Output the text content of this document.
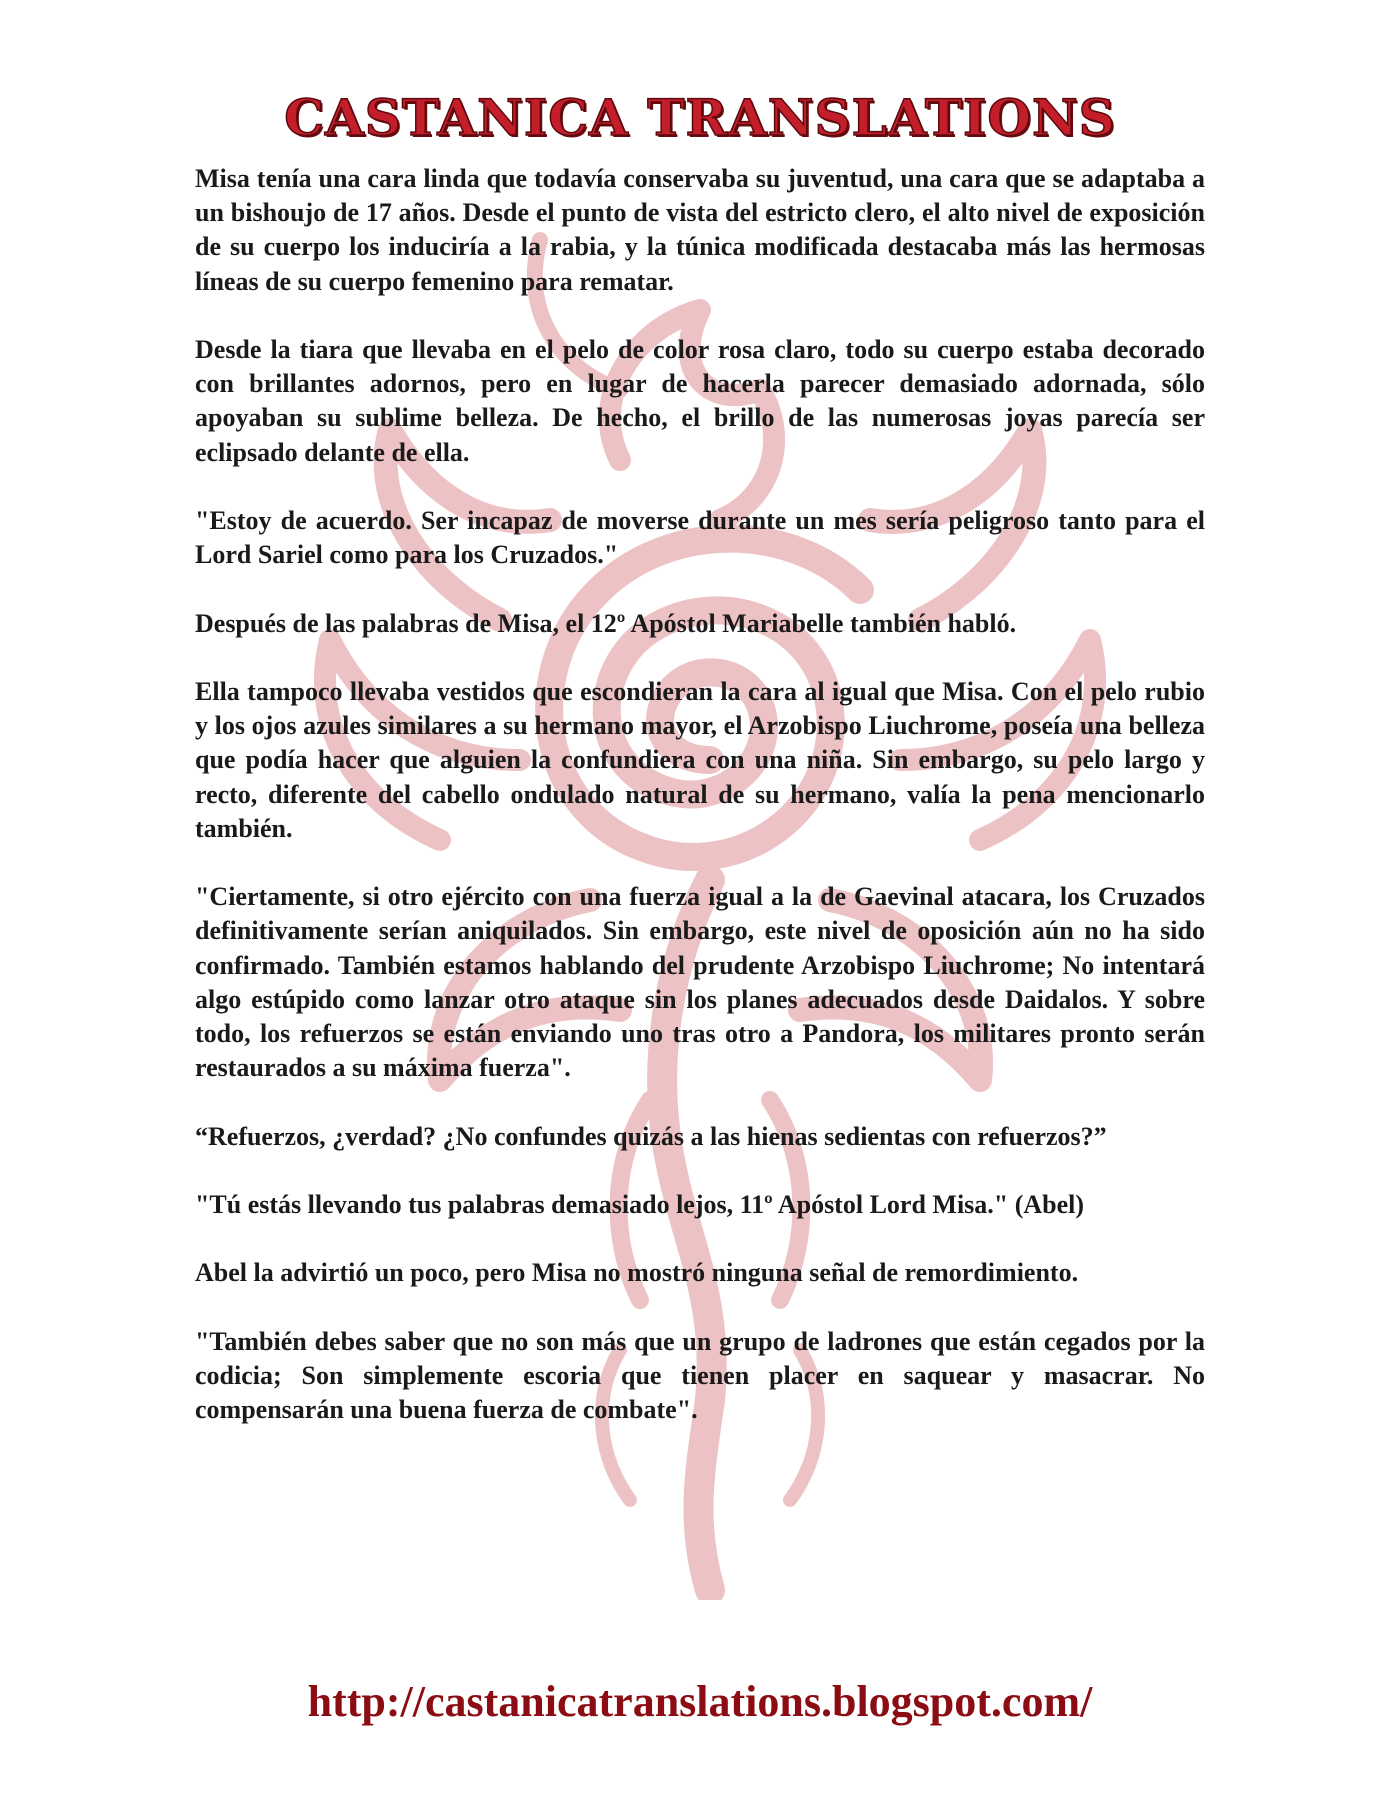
CASTANICA TRANSLATIONS

Misa tenía una cara linda que todavía conservaba su juventud, una cara que se adaptaba a un bishoujo de 17 años. Desde el punto de vista del estricto clero, el alto nivel de exposición de su cuerpo los induciría a la rabia, y la túnica modificada destacaba más las hermosas líneas de su cuerpo femenino para rematar.

Desde la tiara que llevaba en el pelo de color rosa claro, todo su cuerpo estaba decorado con brillantes adornos, pero en lugar de hacerla parecer demasiado adornada, sólo apoyaban su sublime belleza. De hecho, el brillo de las numerosas joyas parecía ser eclipsado delante de ella.

"Estoy de acuerdo. Ser incapaz de moverse durante un mes sería peligroso tanto para el Lord Sariel como para los Cruzados."

Después de las palabras de Misa, el 12º Apóstol Mariabelle también habló.

Ella tampoco llevaba vestidos que escondieran la cara al igual que Misa. Con el pelo rubio y los ojos azules similares a su hermano mayor, el Arzobispo Liuchrome, poseía una belleza que podía hacer que alguien la confundiera con una niña. Sin embargo, su pelo largo y recto, diferente del cabello ondulado natural de su hermano, valía la pena mencionarlo también.

"Ciertamente, si otro ejército con una fuerza igual a la de Gaevinal atacara, los Cruzados definitivamente serían aniquilados. Sin embargo, este nivel de oposición aún no ha sido confirmado. También estamos hablando del prudente Arzobispo Liuchrome; No intentará algo estúpido como lanzar otro ataque sin los planes adecuados desde Daidalos. Y sobre todo, los refuerzos se están enviando uno tras otro a Pandora, los militares pronto serán restaurados a su máxima fuerza".

“Refuerzos, ¿verdad? ¿No confundes quizás a las hienas sedientas con refuerzos?”

"Tú estás llevando tus palabras demasiado lejos, 11º Apóstol Lord Misa." (Abel)

Abel la advirtió un poco, pero Misa no mostró ninguna señal de remordimiento.

"También debes saber que no son más que un grupo de ladrones que están cegados por la codicia; Son simplemente escoria que tienen placer en saquear y masacrar. No compensarán una buena fuerza de combate".

http://castanicatranslations.blogspot.com/
